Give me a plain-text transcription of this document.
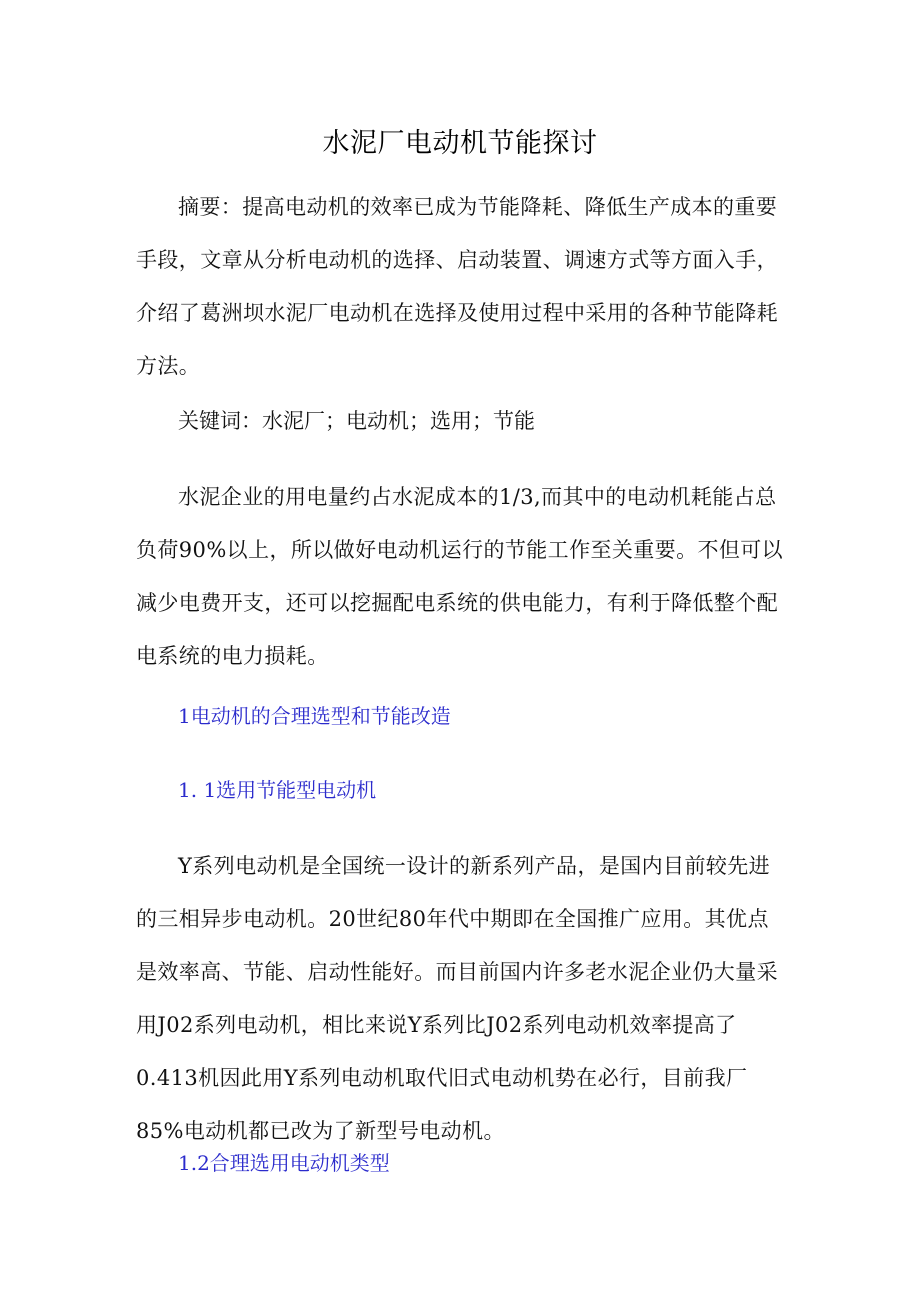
水泥厂电动机节能探讨

摘要：提高电动机的效率已成为节能降耗、降低生产成本的重要手段，文章从分析电动机的选择、启动装置、调速方式等方面入手，介绍了葛洲坝水泥厂电动机在选择及使用过程中采用的各种节能降耗方法。

关键词：水泥厂；电动机；选用；节能

水泥企业的用电量约占水泥成本的1/3,而其中的电动机耗能占总负荷90%以上，所以做好电动机运行的节能工作至关重要。不但可以减少电费开支，还可以挖掘配电系统的供电能力，有利于降低整个配电系统的电力损耗。

1电动机的合理选型和节能改造

1. 1选用节能型电动机

Y系列电动机是全国统一设计的新系列产品，是国内目前较先进的三相异步电动机。20世纪80年代中期即在全国推广应用。其优点是效率高、节能、启动性能好。而目前国内许多老水泥企业仍大量采用J02系列电动机，相比来说Y系列比J02系列电动机效率提高了0.413机因此用Y系列电动机取代旧式电动机势在必行，目前我厂85%电动机都已改为了新型号电动机。

1.2合理选用电动机类型
